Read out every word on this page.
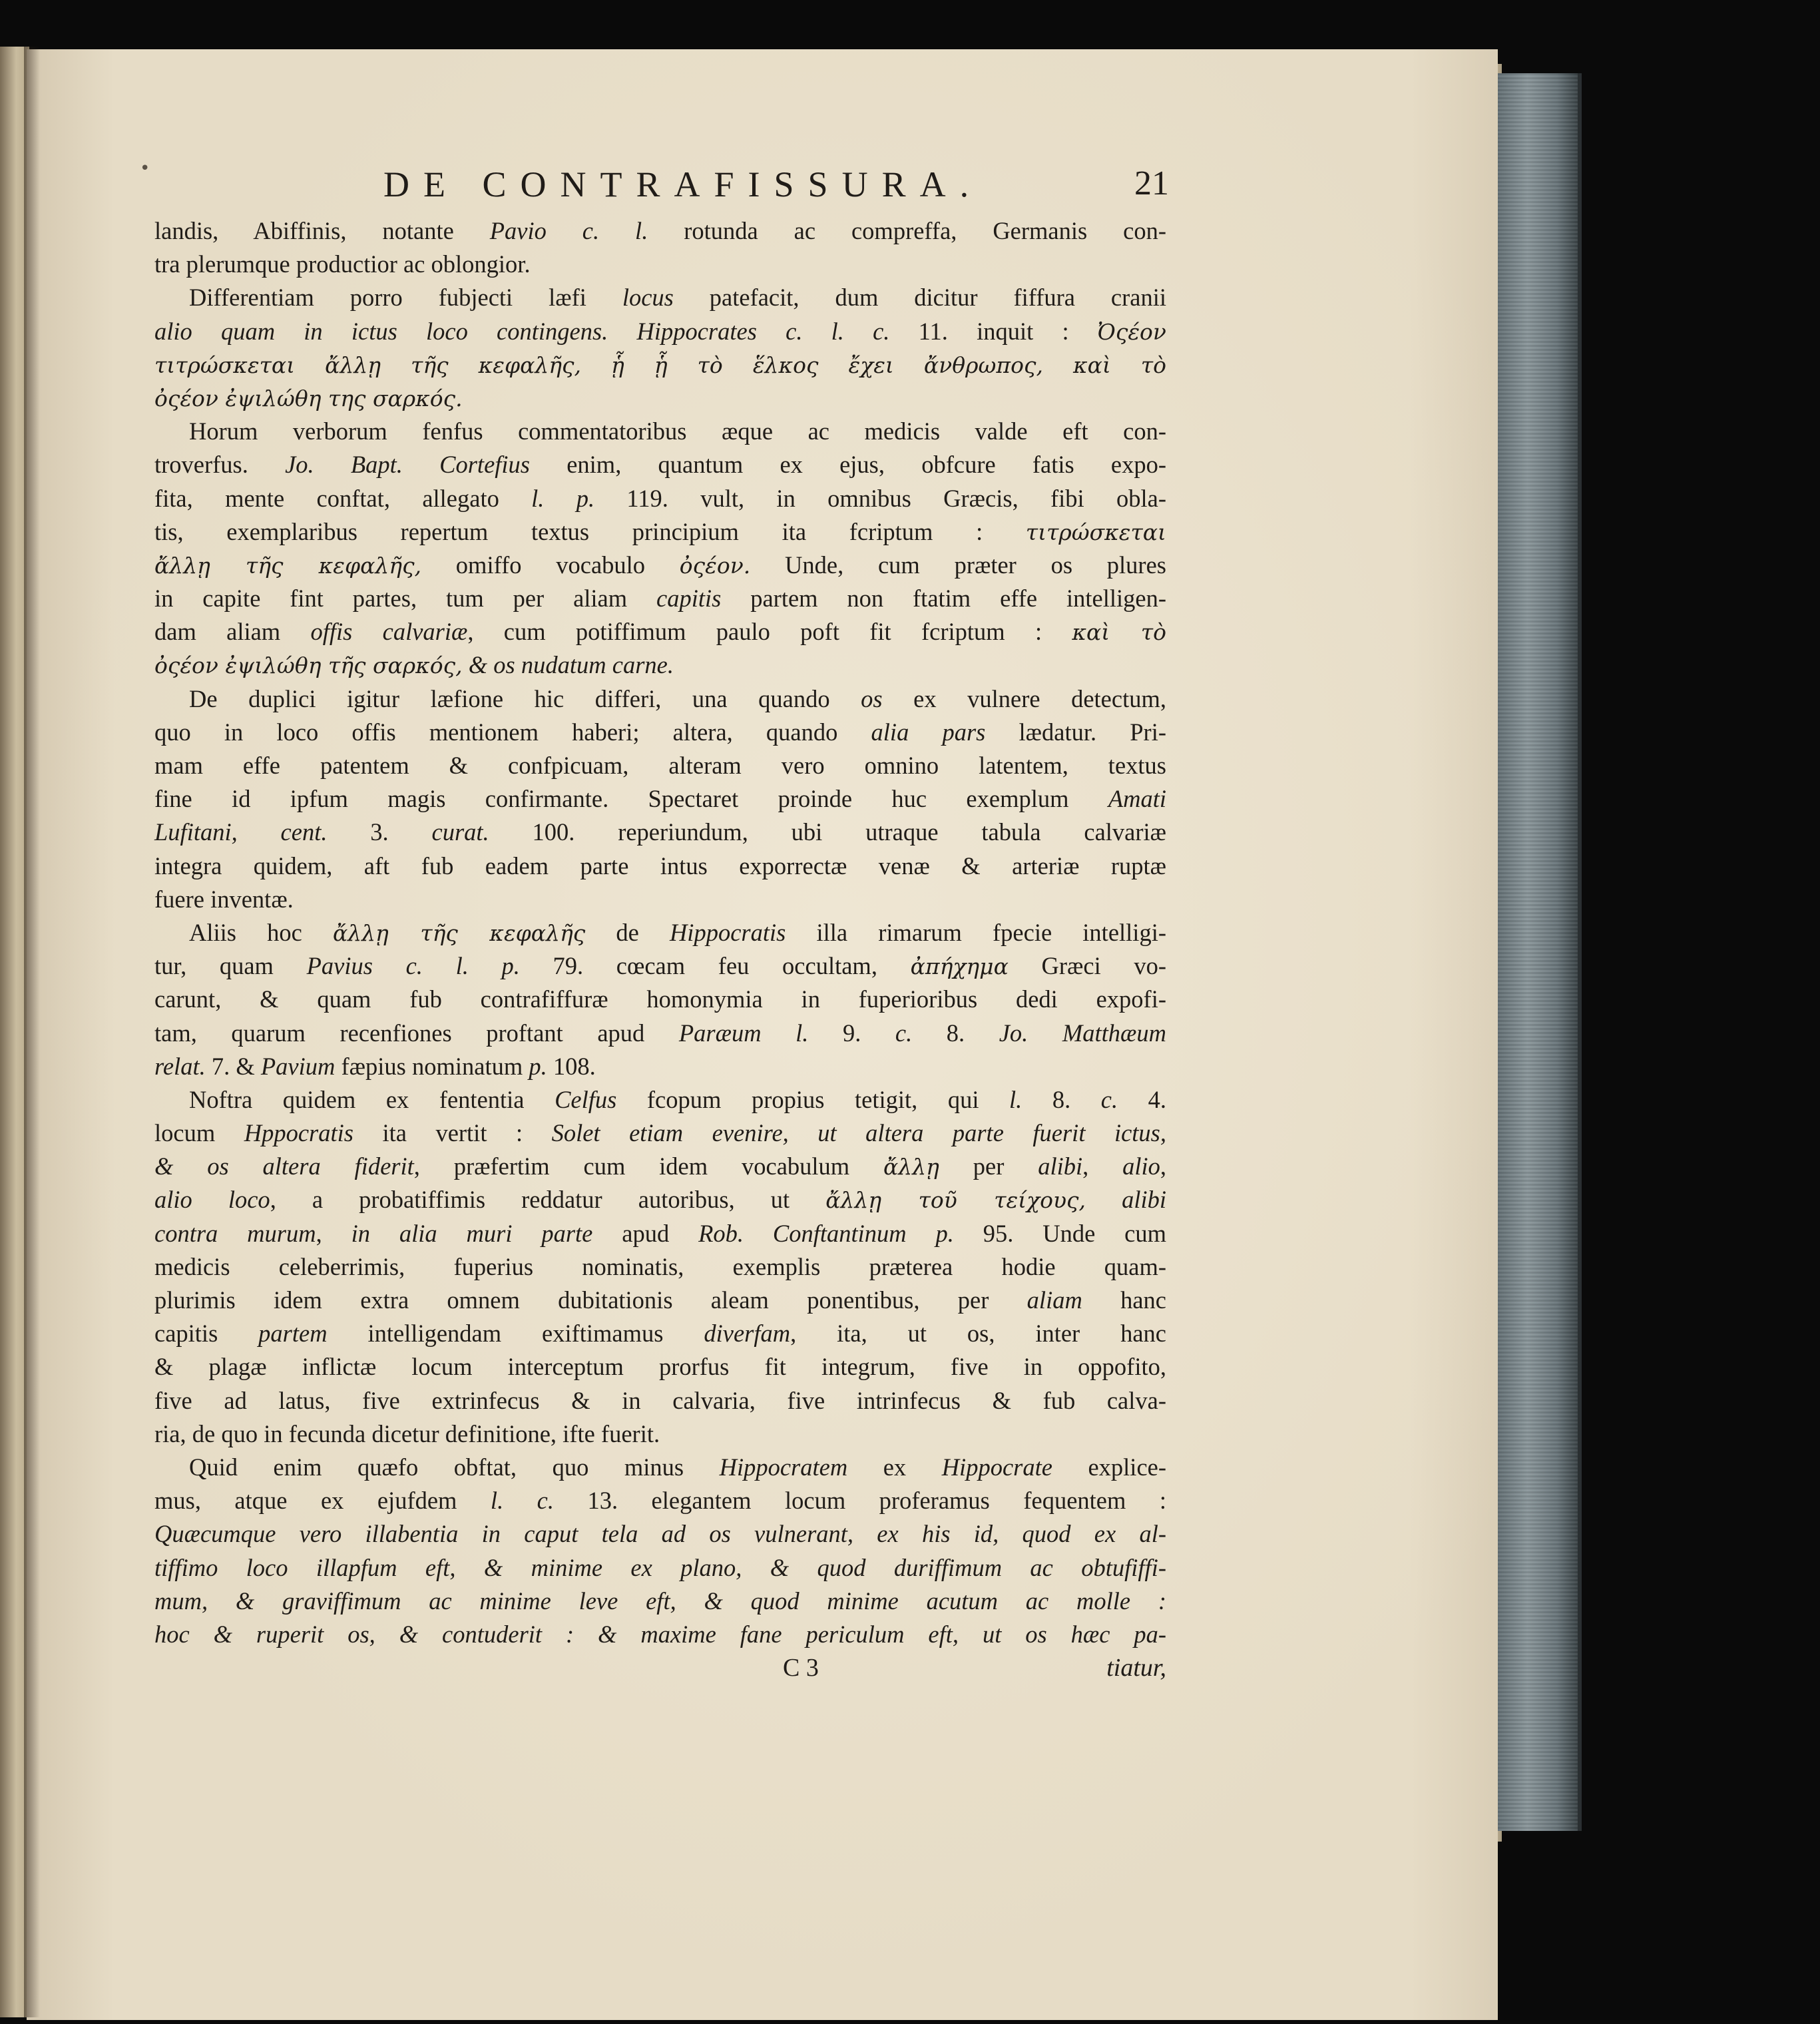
•	DE CONTRAFISSURA.	21
landis, Abiffinis, notante Pavio c. l. rotunda ac compreffa, Germanis con-
tra plerumque productior ac oblongior.
Differentiam porro fubjecti læfi locus patefacit, dum dicitur fiffura cranii
alio quam in ictus loco contingens. Hippocrates c. l. c. 11. inquit : Ὀςέον
τιτρώσκεται ἄλλῃ τῆς κεφαλῆς, ᾗ ᾗ τὸ ἕλκος ἔχει ἄνθρωπος, καὶ τὸ
ὀςέον ἐψιλώθη της σαρκός.
Horum verborum fenfus commentatoribus æque ac medicis valde eft con-
troverfus. Jo. Bapt. Cortefius enim, quantum ex ejus, obfcure fatis expo-
fita, mente conftat, allegato l. p. 119. vult, in omnibus Græcis, fibi obla-
tis, exemplaribus repertum textus principium ita fcriptum : τιτρώσκεται
ἄλλῃ τῆς κεφαλῆς, omiffo vocabulo ὀςέον. Unde, cum præter os plures
in capite fint partes, tum per aliam capitis partem non ftatim effe intelligen-
dam aliam offis calvariæ, cum potiffimum paulo poft fit fcriptum : καὶ τὸ
ὀςέον ἐψιλώθη τῆς σαρκός, & os nudatum carne.
De duplici igitur læfione hic differi, una quando os ex vulnere detectum,
quo in loco offis mentionem haberi; altera, quando alia pars lædatur. Pri-
mam effe patentem & confpicuam, alteram vero omnino latentem, textus
fine id ipfum magis confirmante. Spectaret proinde huc exemplum Amati
Lufitani, cent. 3. curat. 100. reperiundum, ubi utraque tabula calvariæ
integra quidem, aft fub eadem parte intus exporrectæ venæ & arteriæ ruptæ
fuere inventæ.
Aliis hoc ἄλλῃ τῆς κεφαλῆς de Hippocratis illa rimarum fpecie intelligi-
tur, quam Pavius c. l. p. 79. cœcam feu occultam, ἀπήχημα Græci vo-
carunt, & quam fub contrafiffuræ homonymia in fuperioribus dedi expofi-
tam, quarum recenfiones proftant apud Paræum l. 9. c. 8. Jo. Matthæum
relat. 7. & Pavium fæpius nominatum p. 108.
Noftra quidem ex fententia Celfus fcopum propius tetigit, qui l. 8. c. 4.
locum Hppocratis ita vertit : Solet etiam evenire, ut altera parte fuerit ictus,
& os altera fiderit, præfertim cum idem vocabulum ἄλλῃ per alibi, alio,
alio loco, a probatiffimis reddatur autoribus, ut ἄλλῃ τοῦ τείχους, alibi
contra murum, in alia muri parte apud Rob. Conftantinum p. 95. Unde cum
medicis celeberrimis, fuperius nominatis, exemplis præterea hodie quam-
plurimis idem extra omnem dubitationis aleam ponentibus, per aliam hanc
capitis partem intelligendam exiftimamus diverfam, ita, ut os, inter hanc
& plagæ inflictæ locum interceptum prorfus fit integrum, five in oppofito,
five ad latus, five extrinfecus & in calvaria, five intrinfecus & fub calva-
ria, de quo in fecunda dicetur definitione, ifte fuerit.
Quid enim quæfo obftat, quo minus Hippocratem ex Hippocrate explice-
mus, atque ex ejufdem l. c. 13. elegantem locum proferamus fequentem :
Quæcumque vero illabentia in caput tela ad os vulnerant, ex his id, quod ex al-
tiffimo loco illapfum eft, & minime ex plano, & quod duriffimum ac obtufiffi-
mum, & graviffimum ac minime leve eft, & quod minime acutum ac molle :
hoc & ruperit os, & contuderit : & maxime fane periculum eft, ut os hæc pa-
C 3	tiatur,
